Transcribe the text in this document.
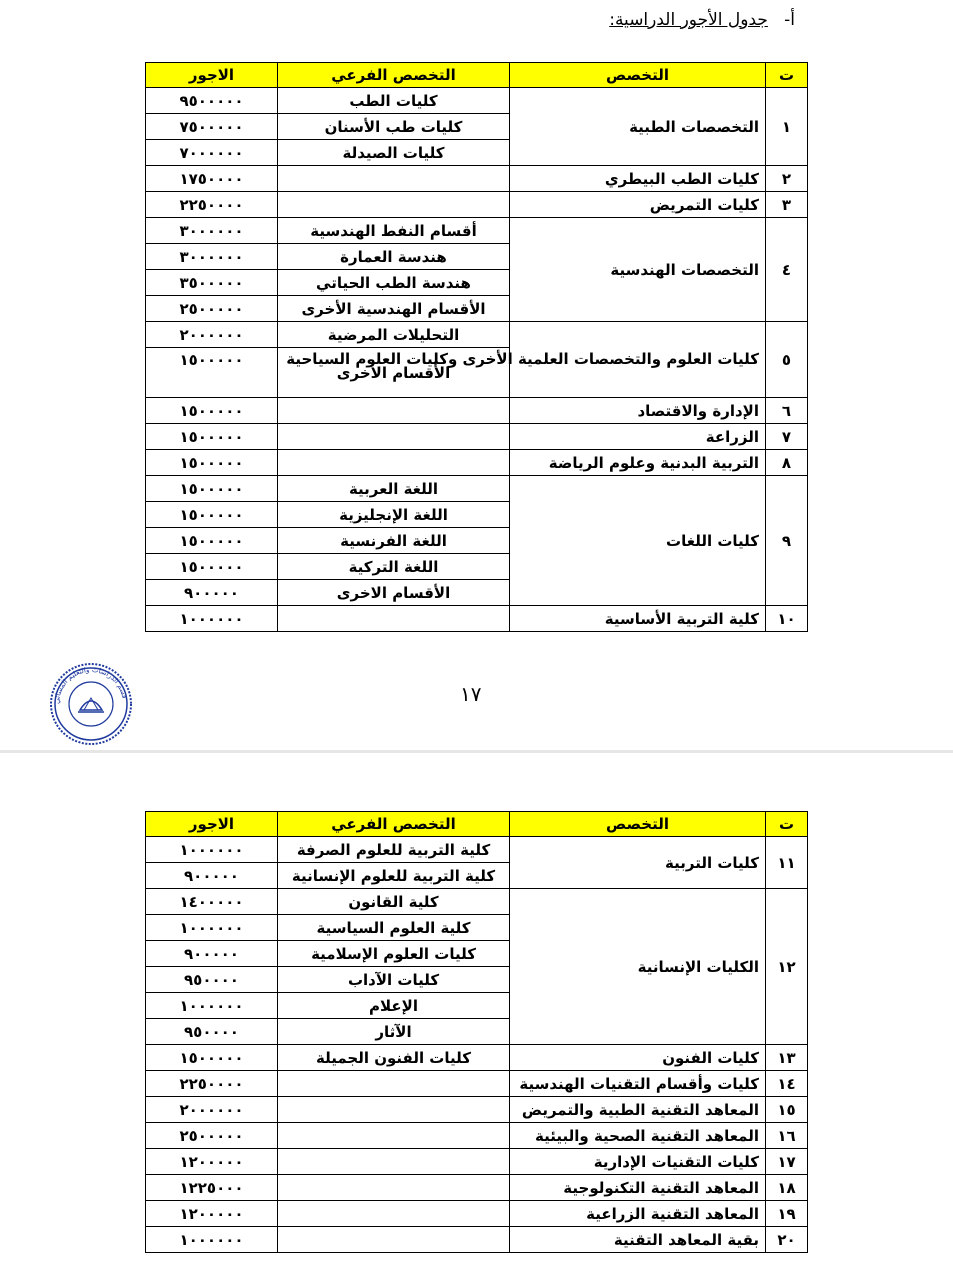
أ-   جدول الأجور الدراسية:
ت	التخصص	التخصص الفرعي	الاجور
١	التخصصات الطبية	كليات الطب	٩٥٠٠٠٠٠
		كليات طب الأسنان	٧٥٠٠٠٠٠
		كليات الصيدلة	٧٠٠٠٠٠٠
٢	كليات الطب البيطري		١٧٥٠٠٠٠
٣	كليات التمريض		٢٢٥٠٠٠٠
٤	التخصصات الهندسية	أقسام النفط الهندسية	٣٠٠٠٠٠٠
		هندسة العمارة	٣٠٠٠٠٠٠
		هندسة الطب الحياتي	٣٥٠٠٠٠٠
		الأقسام الهندسية الأخرى	٢٥٠٠٠٠٠
٥	كليات العلوم والتخصصات العلمية الأخرى وكليات العلوم السياحية	التحليلات المرضية	٢٠٠٠٠٠٠
		الأقسام الاخرى	١٥٠٠٠٠٠
٦	الإدارة والاقتصاد		١٥٠٠٠٠٠
٧	الزراعة		١٥٠٠٠٠٠
٨	التربية البدنية وعلوم الرياضة		١٥٠٠٠٠٠
٩	كليات اللغات	اللغة العربية	١٥٠٠٠٠٠
		اللغة الإنجليزية	١٥٠٠٠٠٠
		اللغة الفرنسية	١٥٠٠٠٠٠
		اللغة التركية	١٥٠٠٠٠٠
		الأقسام الاخرى	٩٠٠٠٠٠
١٠	كلية التربية الأساسية		١٠٠٠٠٠٠
قسم الدراسات والتعليم المسائي	١٧
ت	التخصص	التخصص الفرعي	الاجور
١١	كليات التربية	كلية التربية للعلوم الصرفة	١٠٠٠٠٠٠
		كلية التربية للعلوم الإنسانية	٩٠٠٠٠٠
١٢	الكليات الإنسانية	كلية القانون	١٤٠٠٠٠٠
		كلية العلوم السياسية	١٠٠٠٠٠٠
		كليات العلوم الإسلامية	٩٠٠٠٠٠
		كليات الآداب	٩٥٠٠٠٠
		الإعلام	١٠٠٠٠٠٠
		الآثار	٩٥٠٠٠٠
١٣	كليات الفنون	كليات الفنون الجميلة	١٥٠٠٠٠٠
١٤	كليات وأقسام التقنيات الهندسية		٢٢٥٠٠٠٠
١٥	المعاهد التقنية الطبية والتمريض		٢٠٠٠٠٠٠
١٦	المعاهد التقنية الصحية والبيئية		٢٥٠٠٠٠٠
١٧	كليات التقنيات الإدارية		١٢٠٠٠٠٠
١٨	المعاهد التقنية التكنولوجية		١٢٢٥٠٠٠
١٩	المعاهد التقنية الزراعية		١٢٠٠٠٠٠
٢٠	بقية المعاهد التقنية		١٠٠٠٠٠٠
